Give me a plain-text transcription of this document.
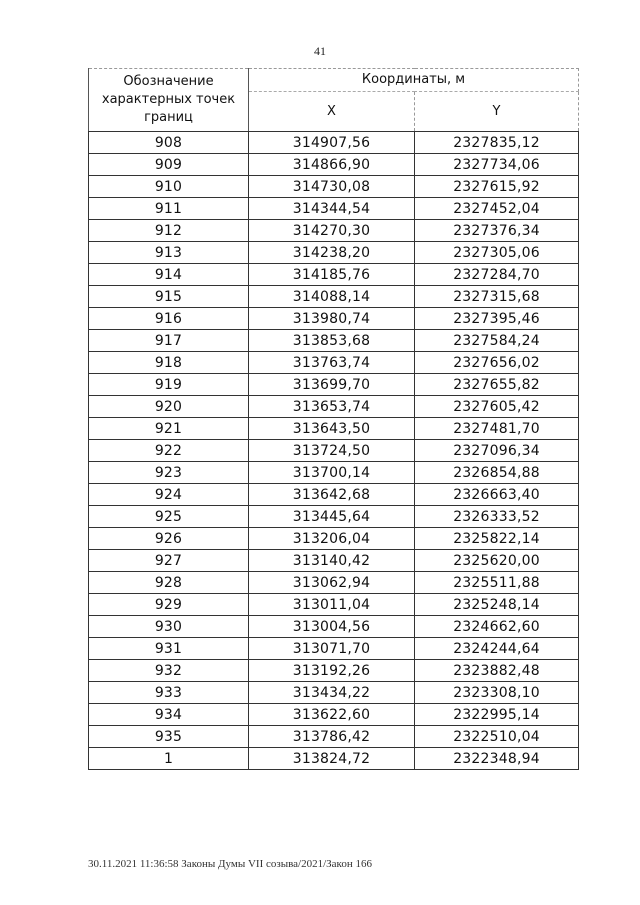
41
Обозначение характерных точек границ	Координаты, м	
	X	Y
908	314907,56	2327835,12
909	314866,90	2327734,06
910	314730,08	2327615,92
911	314344,54	2327452,04
912	314270,30	2327376,34
913	314238,20	2327305,06
914	314185,76	2327284,70
915	314088,14	2327315,68
916	313980,74	2327395,46
917	313853,68	2327584,24
918	313763,74	2327656,02
919	313699,70	2327655,82
920	313653,74	2327605,42
921	313643,50	2327481,70
922	313724,50	2327096,34
923	313700,14	2326854,88
924	313642,68	2326663,40
925	313445,64	2326333,52
926	313206,04	2325822,14
927	313140,42	2325620,00
928	313062,94	2325511,88
929	313011,04	2325248,14
930	313004,56	2324662,60
931	313071,70	2324244,64
932	313192,26	2323882,48
933	313434,22	2323308,10
934	313622,60	2322995,14
935	313786,42	2322510,04
1	313824,72	2322348,94
30.11.2021 11:36:58 Законы Думы VII созыва/2021/Закон 166
